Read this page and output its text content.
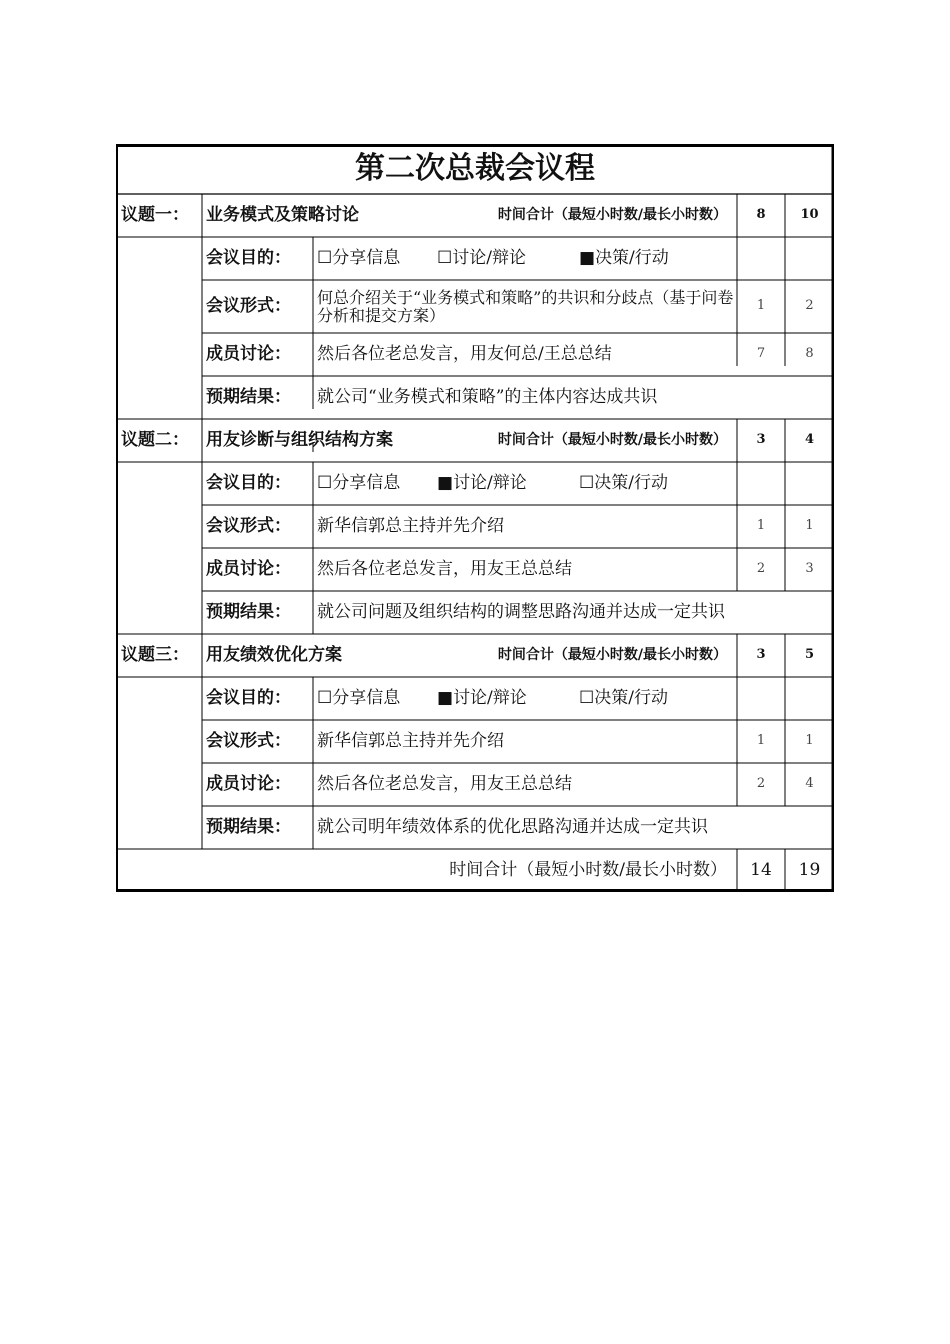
第二次总裁会议程
议题一：	业务模式及策略讨论	时间合计（最短小时数/最长小时数）	8	10
会议目的：	☐ 分享信息 ☐ 讨论/辩论	■ 决策/行动
会议形式：	何总介绍关于“业务模式和策略”的共识和分歧点（基于问卷分析和提交方案）	1	2
成员讨论：	然后各位老总发言，用友何总/王总总结	7	8
预期结果：	就公司“业务模式和策略”的主体内容达成共识
议题二：	用友诊断与组织结构方案	时间合计（最短小时数/最长小时数）	3	4
会议目的：	☐ 分享信息 ■ 讨论/辩论	☐ 决策/行动
会议形式：	新华信郭总主持并先介绍	1	1
成员讨论：	然后各位老总发言，用友王总总结	2	3
预期结果：	就公司问题及组织结构的调整思路沟通并达成一定共识
议题三：	用友绩效优化方案	时间合计（最短小时数/最长小时数）	3	5
会议目的：	☐ 分享信息 ■ 讨论/辩论	☐ 决策/行动
会议形式：	新华信郭总主持并先介绍	1	1
成员讨论：	然后各位老总发言，用友王总总结	2	4
预期结果：	就公司明年绩效体系的优化思路沟通并达成一定共识
时间合计（最短小时数/最长小时数）	14	19
